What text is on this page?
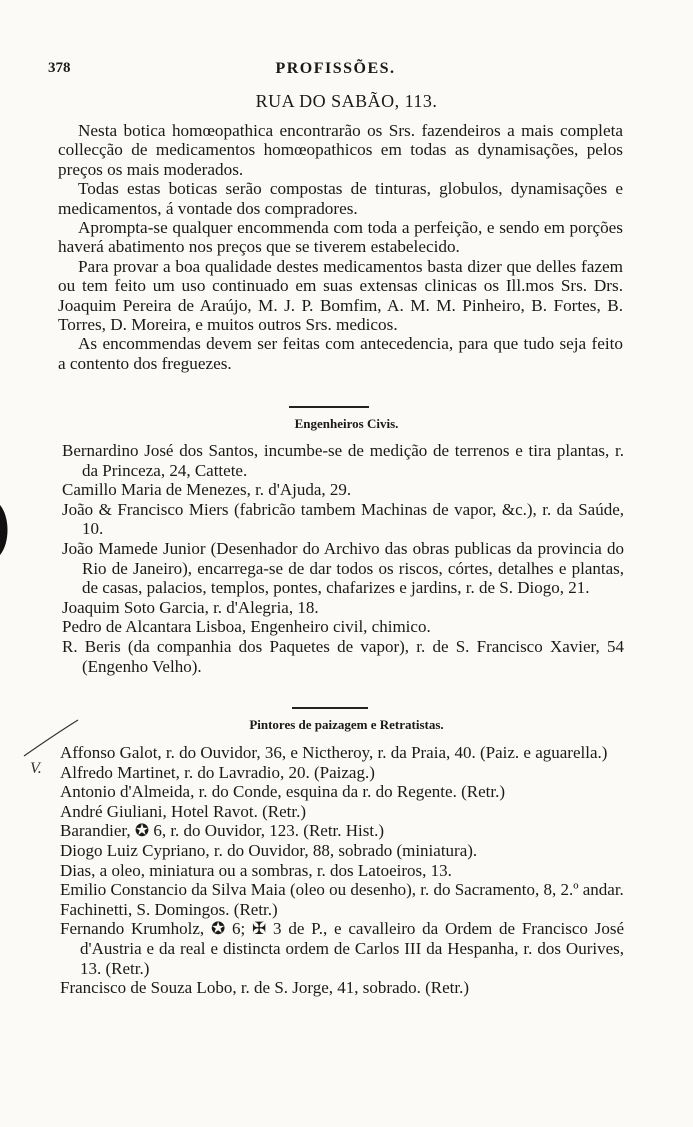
378	PROFISSÕES.
RUA DO SABÃO, 113.

Nesta botica homœopathica encontrarão os Srs. fazendeiros a mais completa collecção de medicamentos homœopathicos em todas as dynamisações, pelos preços os mais moderados.

Todas estas boticas serão compostas de tinturas, globulos, dynamisações e medicamentos, á vontade dos compradores.

Aprompta-se qualquer encommenda com toda a perfeição, e sendo em porções haverá abatimento nos preços que se tiverem estabelecido.

Para provar a boa qualidade destes medicamentos basta dizer que delles fazem ou tem feito um uso continuado em suas extensas clinicas os Ill.mos Srs. Drs. Joaquim Pereira de Araújo, M. J. P. Bomfim, A. M. M. Pinheiro, B. Fortes, B. Torres, D. Moreira, e muitos outros Srs. medicos.

As encommendas devem ser feitas com antecedencia, para que tudo seja feito a contento dos freguezes.

Engenheiros Civis.

Bernardino José dos Santos, incumbe-se de medição de terrenos e tira plantas, r. da Princeza, 24, Cattete.

Camillo Maria de Menezes, r. d'Ajuda, 29.

João & Francisco Miers (fabricão tambem Machinas de vapor, &c.), r. da Saúde, 10.

João Mamede Junior (Desenhador do Archivo das obras publicas da provincia do Rio de Janeiro), encarrega-se de dar todos os riscos, córtes, detalhes e plantas, de casas, palacios, templos, pontes, chafarizes e jardins, r. de S. Diogo, 21.

Joaquim Soto Garcia, r. d'Alegria, 18.

Pedro de Alcantara Lisboa, Engenheiro civil, chimico.

R. Beris (da companhia dos Paquetes de vapor), r. de S. Francisco Xavier, 54 (Engenho Velho).

Pintores de paizagem e Retratistas.
V.

Affonso Galot, r. do Ouvidor, 36, e Nictheroy, r. da Praia, 40. (Paiz. e aguarella.)

Alfredo Martinet, r. do Lavradio, 20. (Paizag.)

Antonio d'Almeida, r. do Conde, esquina da r. do Regente. (Retr.)

André Giuliani, Hotel Ravot. (Retr.)

Barandier, ✪ 6, r. do Ouvidor, 123. (Retr. Hist.)

Diogo Luiz Cypriano, r. do Ouvidor, 88, sobrado (miniatura).

Dias, a oleo, miniatura ou a sombras, r. dos Latoeiros, 13.

Emilio Constancio da Silva Maia (oleo ou desenho), r. do Sacramento, 8, 2.º andar.

Fachinetti, S. Domingos. (Retr.)

Fernando Krumholz, ✪ 6; ✠ 3 de P., e cavalleiro da Ordem de Francisco José d'Austria e da real e distincta ordem de Carlos III da Hespanha, r. dos Ourives, 13. (Retr.)

Francisco de Souza Lobo, r. de S. Jorge, 41, sobrado. (Retr.)
